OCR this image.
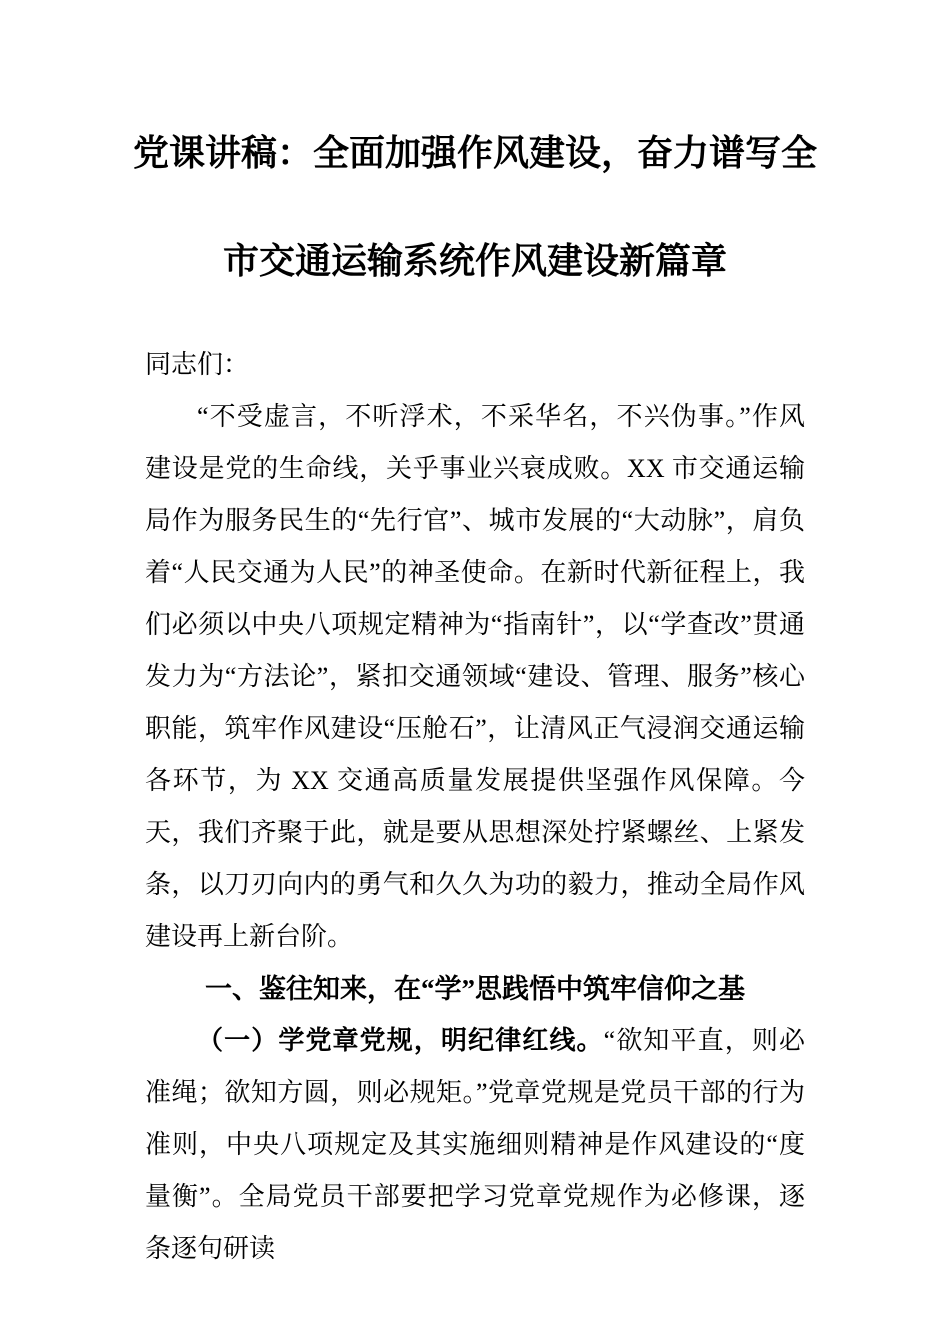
党课讲稿：全面加强作风建设，奋力谱写全
市交通运输系统作风建设新篇章

同志们：

“不受虚言，不听浮术，不采华名，不兴伪事。”作风建设是党的生命线，关乎事业兴衰成败。XX 市交通运输局作为服务民生的“先行官”、城市发展的“大动脉”，肩负着“人民交通为人民”的神圣使命。在新时代新征程上，我们必须以中央八项规定精神为“指南针”，以“学查改”贯通发力为“方法论”，紧扣交通领域“建设、管理、服务”核心职能，筑牢作风建设“压舱石”，让清风正气浸润交通运输各环节，为 XX 交通高质量发展提供坚强作风保障。今天，我们齐聚于此，就是要从思想深处拧紧螺丝、上紧发条，以刀刃向内的勇气和久久为功的毅力，推动全局作风建设再上新台阶。

一、鉴往知来，在“学”思践悟中筑牢信仰之基

（一）学党章党规，明纪律红线。“欲知平直，则必准绳；欲知方圆，则必规矩。”党章党规是党员干部的行为准则，中央八项规定及其实施细则精神是作风建设的“度量衡”。全局党员干部要把学习党章党规作为必修课，逐条逐句研读
